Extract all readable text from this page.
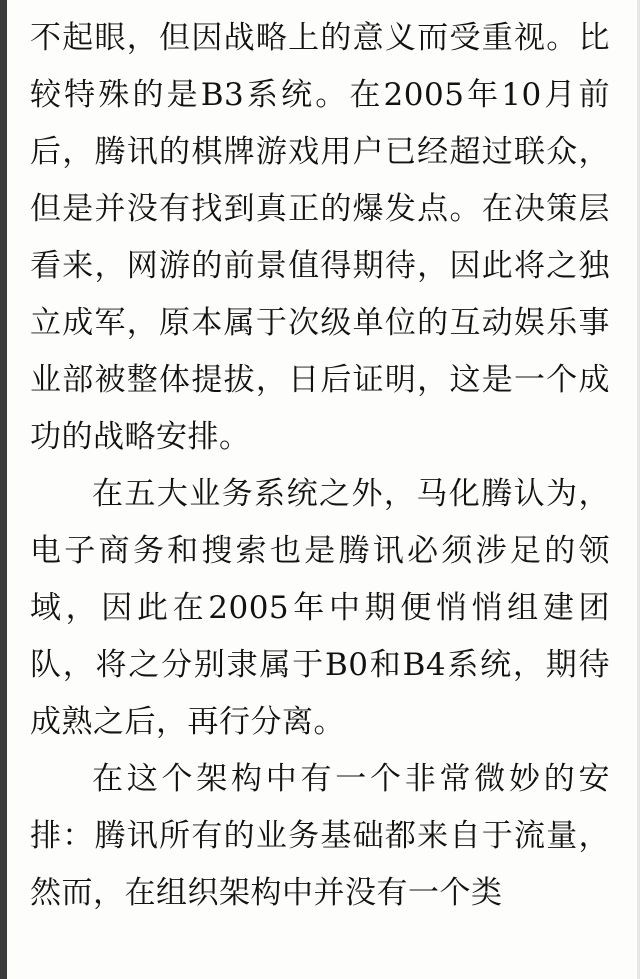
不起眼，但因战略上的意义而受重视。比较特殊的是B3系统。在2005年10月前后，腾讯的棋牌游戏用户已经超过联众，但是并没有找到真正的爆发点。在决策层看来，网游的前景值得期待，因此将之独立成军，原本属于次级单位的互动娱乐事业部被整体提拔，日后证明，这是一个成功的战略安排。

在五大业务系统之外，马化腾认为，电子商务和搜索也是腾讯必须涉足的领域，因此在2005年中期便悄悄组建团队，将之分别隶属于B0和B4系统，期待成熟之后，再行分离。

在这个架构中有一个非常微妙的安排：腾讯所有的业务基础都来自于流量，然而，在组织架构中并没有一个类
